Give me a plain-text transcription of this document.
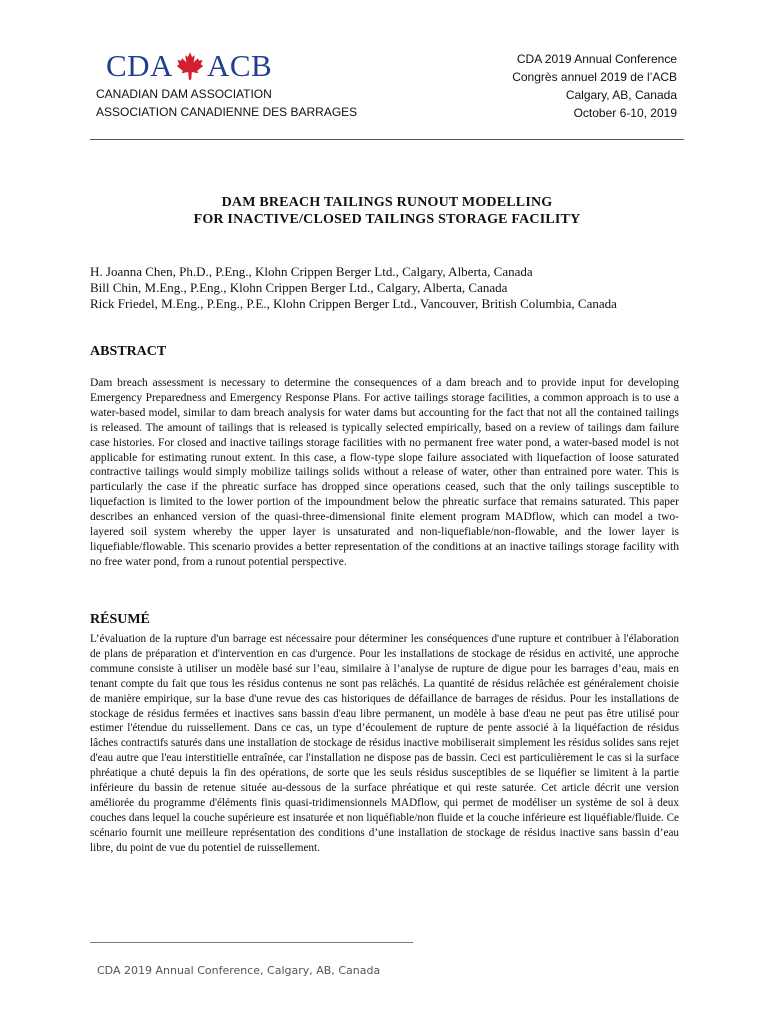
CDA ACB
CANADIAN DAM ASSOCIATION
ASSOCIATION CANADIENNE DES BARRAGES
CDA 2019 Annual Conference
Congrès annuel 2019 de l’ACB
Calgary, AB, Canada
October 6-10, 2019
DAM BREACH TAILINGS RUNOUT MODELLING
FOR INACTIVE/CLOSED TAILINGS STORAGE FACILITY
H. Joanna Chen, Ph.D., P.Eng., Klohn Crippen Berger Ltd., Calgary, Alberta, Canada
Bill Chin, M.Eng., P.Eng., Klohn Crippen Berger Ltd., Calgary, Alberta, Canada
Rick Friedel, M.Eng., P.Eng., P.E., Klohn Crippen Berger Ltd., Vancouver, British Columbia, Canada
ABSTRACT

Dam breach assessment is necessary to determine the consequences of a dam breach and to provide input for developing Emergency Preparedness and Emergency Response Plans. For active tailings storage facilities, a common approach is to use a water-based model, similar to dam breach analysis for water dams but accounting for the fact that not all the contained tailings is released. The amount of tailings that is released is typically selected empirically, based on a review of tailings dam failure case histories. For closed and inactive tailings storage facilities with no permanent free water pond, a water-based model is not applicable for estimating runout extent. In this case, a flow-type slope failure associated with liquefaction of loose saturated contractive tailings would simply mobilize tailings solids without a release of water, other than entrained pore water. This is particularly the case if the phreatic surface has dropped since operations ceased, such that the only tailings susceptible to liquefaction is limited to the lower portion of the impoundment below the phreatic surface that remains saturated. This paper describes an enhanced version of the quasi-three-dimensional finite element program MADflow, which can model a two-layered soil system whereby the upper layer is unsaturated and non-liquefiable/non-flowable, and the lower layer is liquefiable/flowable. This scenario provides a better representation of the conditions at an inactive tailings storage facility with no free water pond, from a runout potential perspective.

RÉSUMÉ

L’évaluation de la rupture d'un barrage est nécessaire pour déterminer les conséquences d'une rupture et contribuer à l'élaboration de plans de préparation et d'intervention en cas d'urgence. Pour les installations de stockage de résidus en activité, une approche commune consiste à utiliser un modèle basé sur l’eau, similaire à l’analyse de rupture de digue pour les barrages d’eau, mais en tenant compte du fait que tous les résidus contenus ne sont pas relâchés. La quantité de résidus relâchée est généralement choisie de manière empirique, sur la base d'une revue des cas historiques de défaillance de barrages de résidus. Pour les installations de stockage de résidus fermées et inactives sans bassin d'eau libre permanent, un modèle à base d'eau ne peut pas être utilisé pour estimer l'étendue du ruissellement. Dans ce cas, un type d’écoulement de rupture de pente associé à la liquéfaction de résidus lâches contractifs saturés dans une installation de stockage de résidus inactive mobiliserait simplement les résidus solides sans rejet d'eau autre que l'eau interstitielle entraînée, car l'installation ne dispose pas de bassin. Ceci est particulièrement le cas si la surface phréatique a chuté depuis la fin des opérations, de sorte que les seuls résidus susceptibles de se liquéfier se limitent à la partie inférieure du bassin de retenue située au-dessous de la surface phréatique et qui reste saturée. Cet article décrit une version améliorée du programme d'éléments finis quasi-tridimensionnels MADflow, qui permet de modéliser un système de sol à deux couches dans lequel la couche supérieure est insaturée et non liquéfiable/non fluide et la couche inférieure est liquéfiable/fluide. Ce scénario fournit une meilleure représentation des conditions d’une installation de stockage de résidus inactive sans bassin d’eau libre, du point de vue du potentiel de ruissellement.

CDA 2019 Annual Conference, Calgary, AB, Canada
